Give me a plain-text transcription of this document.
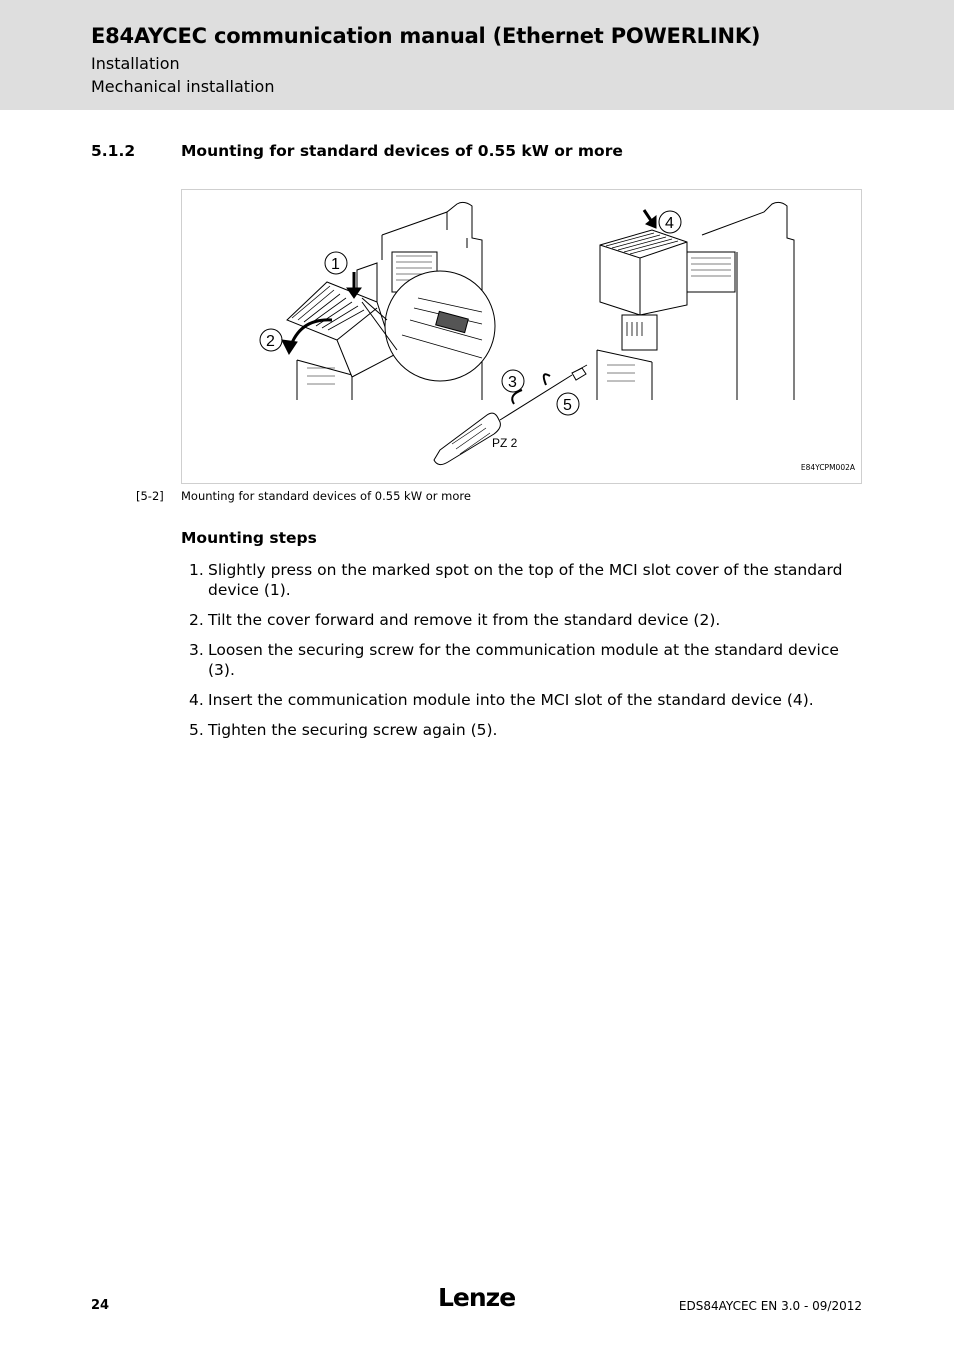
E84AYCEC communication manual (Ethernet POWERLINK)
Installation
Mechanical installation
5.1.2	Mounting for standard devices of 0.55 kW or more
1
2
3
4
5
PZ 2
E84YCPM002A
[5-2] Mounting for standard devices of 0.55 kW or more
Mounting steps
1. Slightly press on the marked spot on the top of the MCI slot cover of the standard device (1).
2. Tilt the cover forward and remove it from the standard device (2).
3. Loosen the securing screw for the communication module at the standard device (3).
4. Insert the communication module into the MCI slot of the standard device (4).
5. Tighten the securing screw again (5).
24	Lenze	EDS84AYCEC EN 3.0 - 09/2012
